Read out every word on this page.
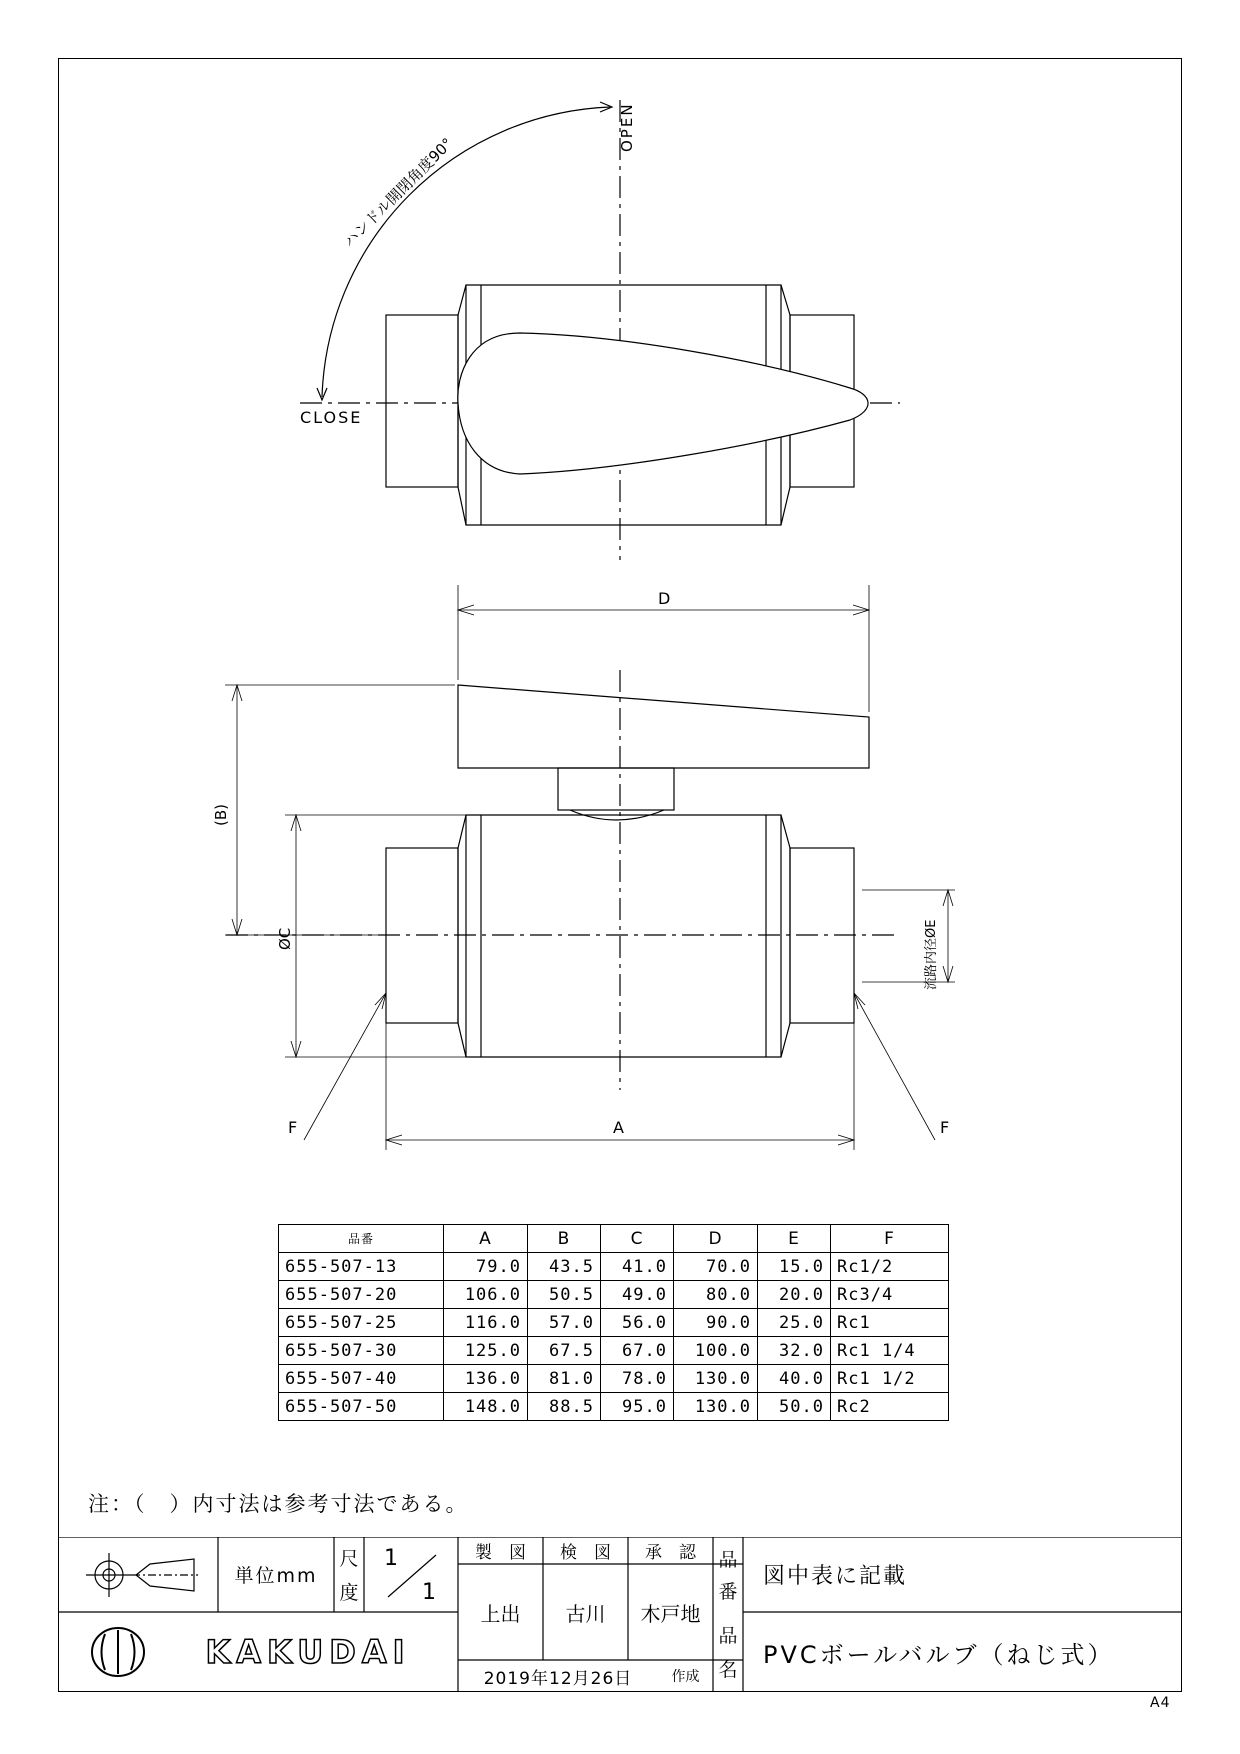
OPEN
CLOSE
ハンドル開閉角度90°
D
(B)
ØC	流路内径ØE
A
F	F
品番	A	B	C	D	E	F
655-507-13	79.0	43.5	41.0	70.0	15.0	Rc1/2
655-507-20	106.0	50.5	49.0	80.0	20.0	Rc3/4
655-507-25	116.0	57.0	56.0	90.0	25.0	Rc1
655-507-30	125.0	67.5	67.0	100.0	32.0	Rc1 1/4
655-507-40	136.0	81.0	78.0	130.0	40.0	Rc1 1/2
655-507-50	148.0	88.5	95.0	130.0	50.0	Rc2
注：（　）内寸法は参考寸法である。
単位mm
尺
度
1
1
製　図	検　図	承　認
上出	古川	木戸地
2019年12月26日	作成
品
番
品
名
図中表に記載
PVCボールバルブ（ねじ式）
KAKUDAI
A4
